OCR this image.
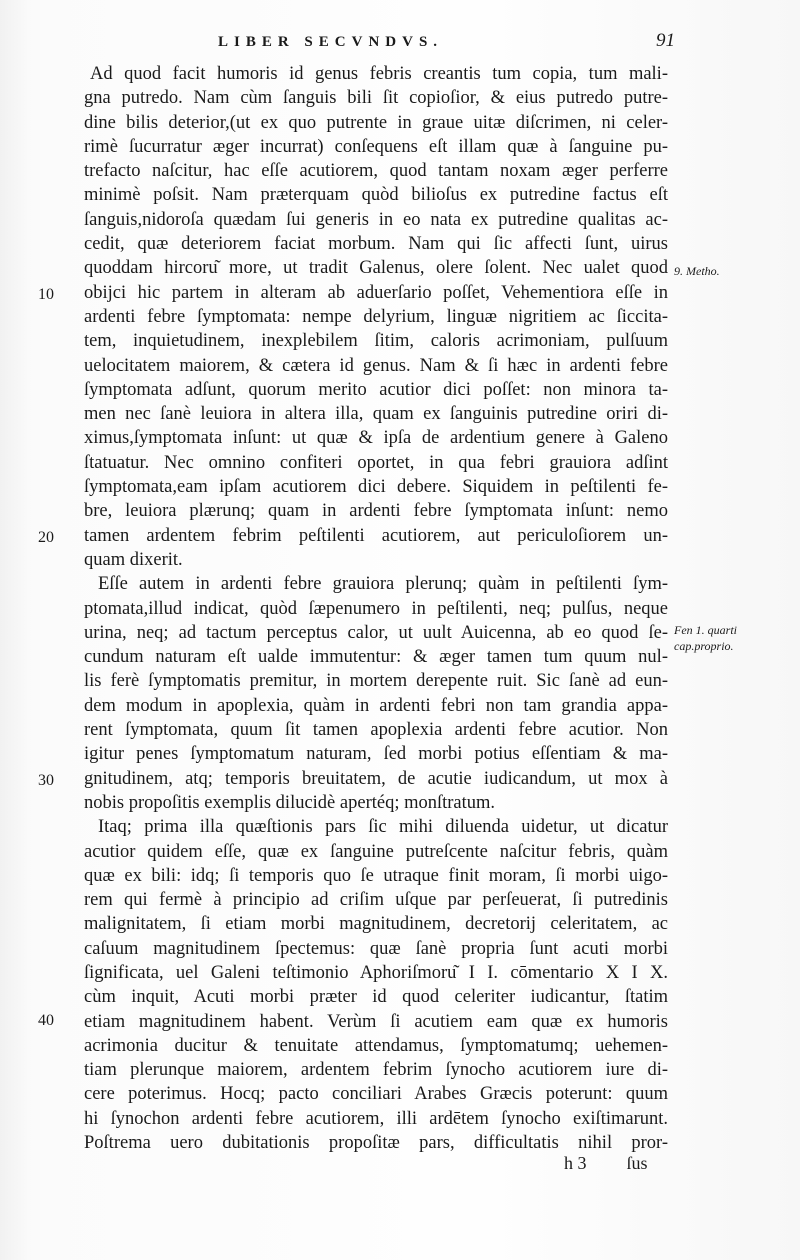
LIBER SECVNDVS.	91
Ad quod facit humoris id genus febris creantis tum copia, tum mali-
gna putredo. Nam cùm ſanguis bili ſit copioſior, & eius putredo putre-
dine bilis deterior,(ut ex quo putrente in graue uitæ diſcrimen, ni celer-
rimè ſucurratur æger incurrat) conſequens eſt illam quæ à ſanguine pu-
trefacto naſcitur, hac eſſe acutiorem, quod tantam noxam æger perferre
minimè poſsit. Nam præterquam quòd bilioſus ex putredine factus eſt
ſanguis,nidoroſa quædam ſui generis in eo nata ex putredine qualitas ac-
cedit, quæ deteriorem faciat morbum. Nam qui ſic affecti ſunt, uirus
quoddam hircoru͂ more, ut tradit Galenus, olere ſolent. Nec ualet quod
obijci hic partem in alteram ab aduerſario poſſet, Vehementiora eſſe in
ardenti febre ſymptomata: nempe delyrium, linguæ nigritiem ac ſiccita-
tem, inquietudinem, inexplebilem ſitim, caloris acrimoniam, pulſuum
uelocitatem maiorem, & cætera id genus. Nam & ſi hæc in ardenti febre
ſymptomata adſunt, quorum merito acutior dici poſſet: non minora ta-
men nec ſanè leuiora in altera illa, quam ex ſanguinis putredine oriri di-
ximus,ſymptomata inſunt: ut quæ & ipſa de ardentium genere à Galeno
ſtatuatur. Nec omnino confiteri oportet, in qua febri grauiora adſint
ſymptomata,eam ipſam acutiorem dici debere. Siquidem in peſtilenti fe-
bre, leuiora plærunq; quam in ardenti febre ſymptomata inſunt: nemo
tamen ardentem febrim peſtilenti acutiorem, aut periculoſiorem un-
quam dixerit.
Eſſe autem in ardenti febre grauiora plerunq; quàm in peſtilenti ſym-
ptomata,illud indicat, quòd ſæpenumero in peſtilenti, neq; pulſus, neque
urina, neq; ad tactum perceptus calor, ut uult Auicenna, ab eo quod ſe-
cundum naturam eſt ualde immutentur: & æger tamen tum quum nul-
lis ferè ſymptomatis premitur, in mortem derepente ruit. Sic ſanè ad eun-
dem modum in apoplexia, quàm in ardenti febri non tam grandia appa-
rent ſymptomata, quum ſit tamen apoplexia ardenti febre acutior. Non
igitur penes ſymptomatum naturam, ſed morbi potius eſſentiam & ma-
gnitudinem, atq; temporis breuitatem, de acutie iudicandum, ut mox à
nobis propoſitis exemplis dilucidè apertéq; monſtratum.
Itaq; prima illa quæſtionis pars ſic mihi diluenda uidetur, ut dicatur
acutior quidem eſſe, quæ ex ſanguine putreſcente naſcitur febris, quàm
quæ ex bili: idq; ſi temporis quo ſe utraque finit moram, ſi morbi uigo-
rem qui fermè à principio ad criſim uſque par perſeuerat, ſi putredinis
malignitatem, ſi etiam morbi magnitudinem, decretorij celeritatem, ac
caſuum magnitudinem ſpectemus: quæ ſanè propria ſunt acuti morbi
ſignificata, uel Galeni teſtimonio Aphoriſmoru͂ I I. cōmentario X I X.
cùm inquit, Acuti morbi præter id quod celeriter iudicantur, ſtatim
etiam magnitudinem habent. Verùm ſi acutiem eam quæ ex humoris
acrimonia ducitur & tenuitate attendamus, ſymptomatumq; uehemen-
tiam plerunque maiorem, ardentem febrim ſynocho acutiorem iure di-
cere poterimus. Hocq; pacto conciliari Arabes Græcis poterunt: quum
hi ſynochon ardenti febre acutiorem, illi ardētem ſynocho exiſtimarunt.
Poſtrema uero dubitationis propoſitæ pars, difficultatis nihil pror-
10
20
30
40
9. Metho.
Fen 1. quarti
cap.proprio.
h 3 ſus
